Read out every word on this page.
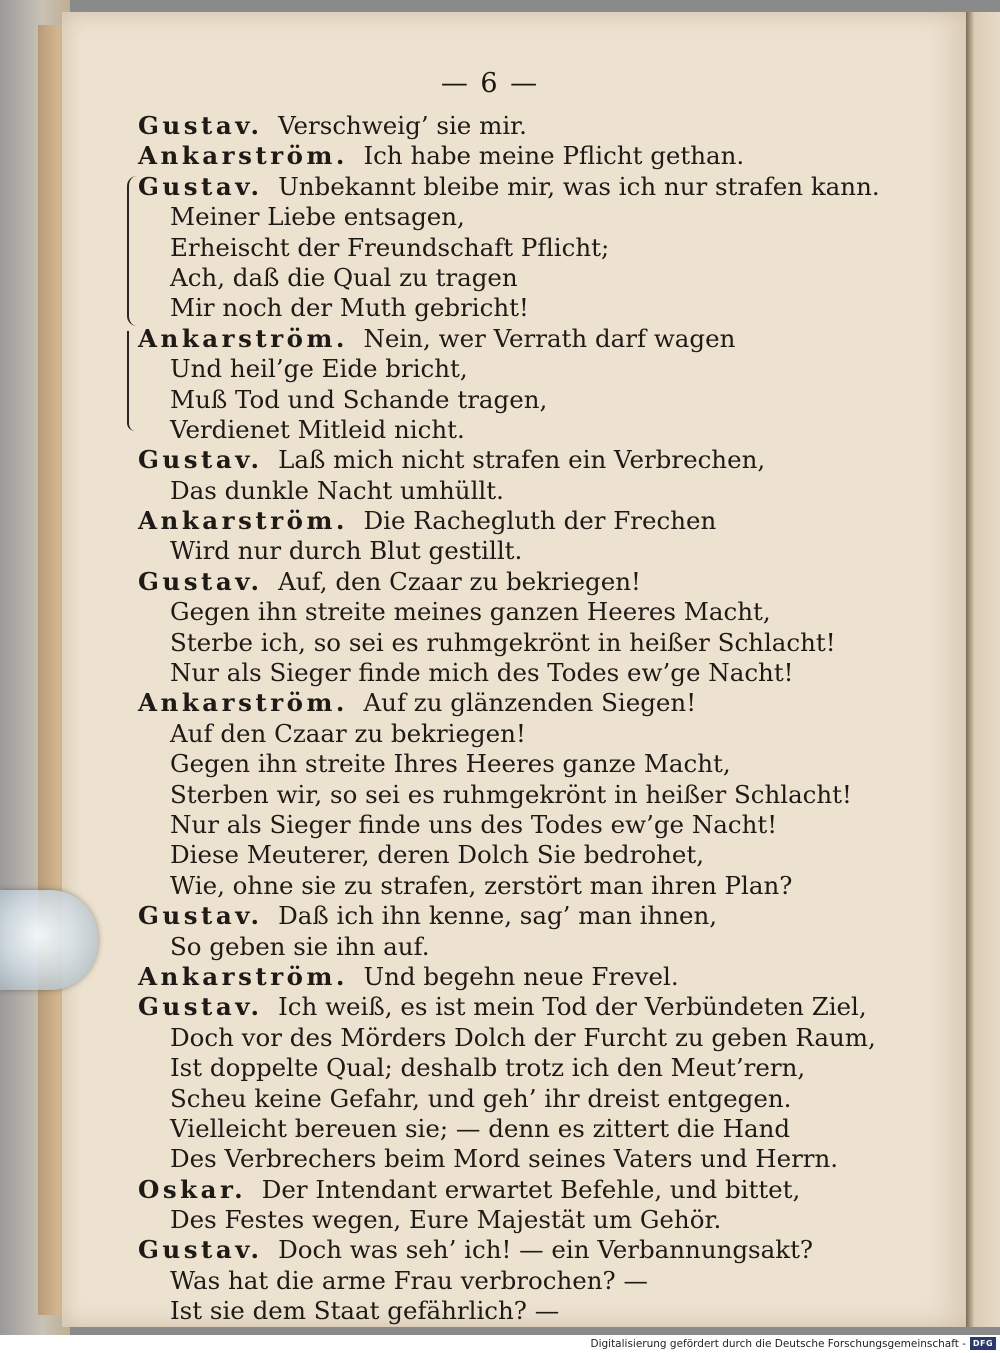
— 6 —
Gustav. Verschweig’ sie mir.
Ankarström. Ich habe meine Pflicht gethan.
Gustav. Unbekannt bleibe mir, was ich nur strafen kann.
Meiner Liebe entsagen,
Erheischt der Freundschaft Pflicht;
Ach, daß die Qual zu tragen
Mir noch der Muth gebricht!
Ankarström. Nein, wer Verrath darf wagen
Und heil’ge Eide bricht,
Muß Tod und Schande tragen,
Verdienet Mitleid nicht.
Gustav. Laß mich nicht strafen ein Verbrechen,
Das dunkle Nacht umhüllt.
Ankarström. Die Rachegluth der Frechen
Wird nur durch Blut gestillt.
Gustav. Auf, den Czaar zu bekriegen!
Gegen ihn streite meines ganzen Heeres Macht,
Sterbe ich, so sei es ruhmgekrönt in heißer Schlacht!
Nur als Sieger finde mich des Todes ew’ge Nacht!
Ankarström. Auf zu glänzenden Siegen!
Auf den Czaar zu bekriegen!
Gegen ihn streite Ihres Heeres ganze Macht,
Sterben wir, so sei es ruhmgekrönt in heißer Schlacht!
Nur als Sieger finde uns des Todes ew’ge Nacht!
Diese Meuterer, deren Dolch Sie bedrohet,
Wie, ohne sie zu strafen, zerstört man ihren Plan?
Gustav. Daß ich ihn kenne, sag’ man ihnen,
So geben sie ihn auf.
Ankarström. Und begehn neue Frevel.
Gustav. Ich weiß, es ist mein Tod der Verbündeten Ziel,
Doch vor des Mörders Dolch der Furcht zu geben Raum,
Ist doppelte Qual; deshalb trotz ich den Meut’rern,
Scheu keine Gefahr, und geh’ ihr dreist entgegen.
Vielleicht bereuen sie; — denn es zittert die Hand
Des Verbrechers beim Mord seines Vaters und Herrn.
Oskar. Der Intendant erwartet Befehle, und bittet,
Des Festes wegen, Eure Majestät um Gehör.
Gustav. Doch was seh’ ich! — ein Verbannungsakt?
Was hat die arme Frau verbrochen? —
Ist sie dem Staat gefährlich? —
Digitalisierung gefördert durch die Deutsche Forschungsgemeinschaft - DFG
